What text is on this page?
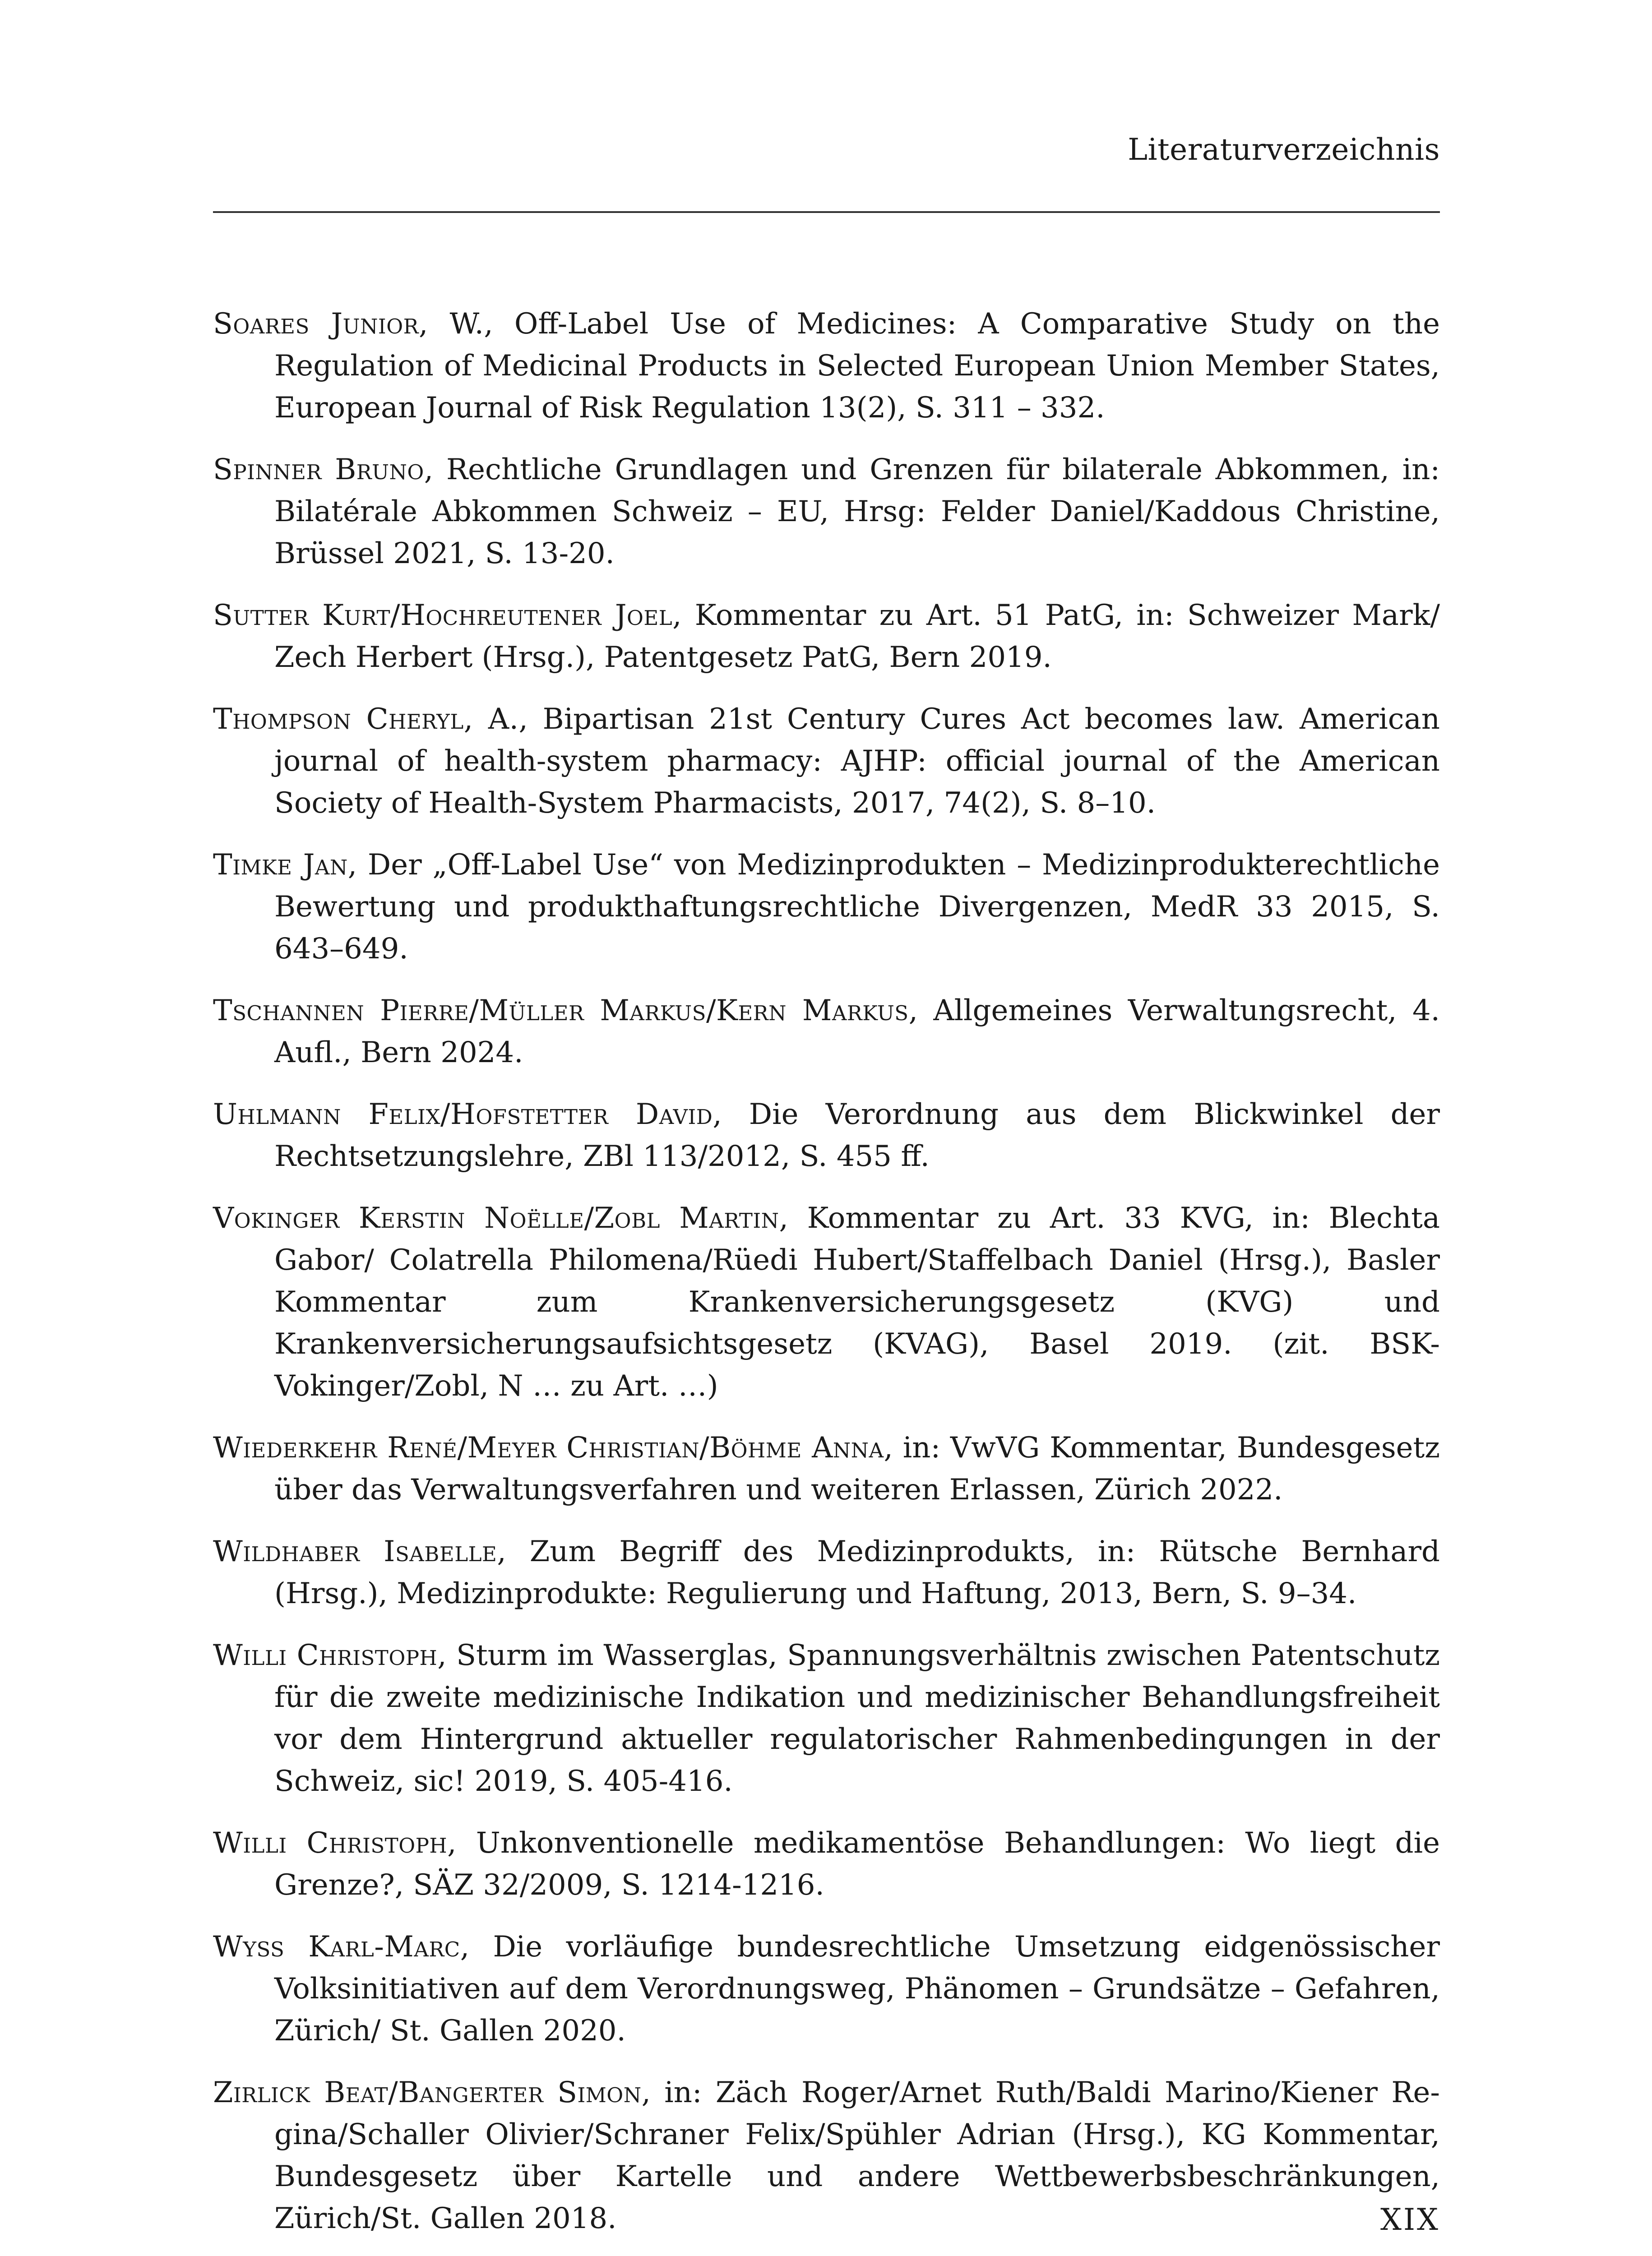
Literaturverzeichnis

Soares Junior, W., Off-Label Use of Medicines: A Comparative Study on the Regulation of Medicinal Products in Selected European Union Member States, European Journal of Risk Regulation 13(2), S. 311 – 332.

Spinner Bruno, Rechtliche Grundlagen und Grenzen für bilaterale Abkommen, in: Bilatérale Abkommen Schweiz – EU, Hrsg: Felder Daniel/Kaddous Christine, Brüssel 2021, S. 13-20.

Sutter Kurt/Hochreutener Joel, Kommentar zu Art. 51 PatG, in: Schweizer Mark/ Zech Herbert (Hrsg.), Patentgesetz PatG, Bern 2019.

Thompson Cheryl, A., Bipartisan 21st Century Cures Act becomes law. American journal of health-system pharmacy: AJHP: official journal of the American Society of Health-System Pharmacists, 2017, 74(2), S. 8–10.

Timke Jan, Der „Off-Label Use“ von Medizinprodukten – Medizinprodukterechtliche Bewertung und produkthaftungsrechtliche Divergenzen, MedR 33 2015, S. 643–649.

Tschannen Pierre/Müller Markus/Kern Markus, Allgemeines Verwaltungsrecht, 4. Aufl., Bern 2024.

Uhlmann Felix/Hofstetter David, Die Verordnung aus dem Blickwinkel der Rechtsetzungslehre, ZBl 113/2012, S. 455 ff.

Vokinger Kerstin Noëlle/Zobl Martin, Kommentar zu Art. 33 KVG, in: Blechta Gabor/ Colatrella Philomena/Rüedi Hubert/Staffelbach Daniel (Hrsg.), Basler Kommentar zum Krankenversicherungsgesetz (KVG) und Krankenversicherungsaufsichtsgesetz (KVAG), Basel 2019. (zit. BSK-Vokinger/Zobl, N … zu Art. …)

Wiederkehr René/Meyer Christian/Böhme Anna, in: VwVG Kommentar, Bundesgesetz über das Verwaltungsverfahren und weiteren Erlassen, Zürich 2022.

Wildhaber Isabelle, Zum Begriff des Medizinprodukts, in: Rütsche Bernhard (Hrsg.), Medizinprodukte: Regulierung und Haftung, 2013, Bern, S. 9–34.

Willi Christoph, Sturm im Wasserglas, Spannungsverhältnis zwischen Patentschutz für die zweite medizinische Indikation und medizinischer Behandlungsfreiheit vor dem Hintergrund aktueller regulatorischer Rahmenbedingungen in der Schweiz, sic! 2019, S. 405-416.

Willi Christoph, Unkonventionelle medikamentöse Behandlungen: Wo liegt die Grenze?, SÄZ 32/2009, S. 1214-1216.

Wyss Karl-Marc, Die vorläufige bundesrechtliche Umsetzung eidgenössischer Volksinitiativen auf dem Verordnungsweg, Phänomen – Grundsätze – Gefahren, Zürich/ St. Gallen 2020.

Zirlick Beat/Bangerter Simon, in: Zäch Roger/Arnet Ruth/Baldi Marino/Kiener Regina/Schaller Olivier/Schraner Felix/Spühler Adrian (Hrsg.), KG Kommentar, Bundesgesetz über Kartelle und andere Wettbewerbsbeschränkungen, Zürich/St. Gallen 2018.	XIX
